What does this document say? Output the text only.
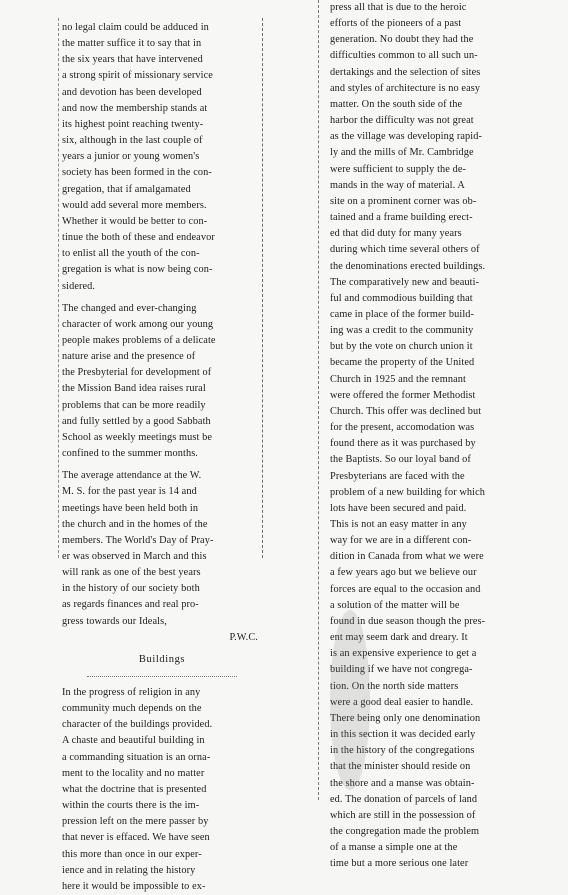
no legal claim could be adduced in
the matter suffice it to say that in
the six years that have intervened
a strong spirit of missionary service
and devotion has been developed
and now the membership stands at
its highest point reaching twenty-
six, although in the last couple of
years a junior or young women's
society has been formed in the con-
gregation, that if amalgamated
would add several more members.
Whether it would be better to con-
tinue the both of these and endeavor
to enlist all the youth of the con-
gregation is what is now being con-
sidered.

The changed and ever-changing
character of work among our young
people makes problems of a delicate
nature arise and the presence of
the Presbyterial for development of
the Mission Band idea raises rural
problems that can be more readily
and fully settled by a good Sabbath
School as weekly meetings must be
confined to the summer months.

The average attendance at the W.
M. S. for the past year is 14 and
meetings have been held both in
the church and in the homes of the
members. The World's Day of Pray-
er was observed in March and this
will rank as one of the best years
in the history of our society both
as regards finances and real pro-
gress towards our Ideals,

P.W.C.

Buildings

In the progress of religion in any
community much depends on the
character of the buildings provided.
A chaste and beautiful building in
a commanding situation is an orna-
ment to the locality and no matter
what the doctrine that is presented
within the courts there is the im-
pression left on the mere passer by
that never is effaced. We have seen
this more than once in our exper-
ience and in relating the history
here it would be impossible to ex-

press all that is due to the heroic
efforts of the pioneers of a past
generation. No doubt they had the
difficulties common to all such un-
dertakings and the selection of sites
and styles of architecture is no easy
matter. On the south side of the
harbor the difficulty was not great
as the village was developing rapid-
ly and the mills of Mr. Cambridge
were sufficient to supply the de-
mands in the way of material. A
site on a prominent corner was ob-
tained and a frame building erect-
ed that did duty for many years
during which time several others of
the denominations erected buildings.
The comparatively new and beauti-
ful and commodious building that
came in place of the former build-
ing was a credit to the community
but by the vote on church union it
became the property of the United
Church in 1925 and the remnant
were offered the former Methodist
Church. This offer was declined but
for the present, accomodation was
found there as it was purchased by
the Baptists. So our loyal band of
Presbyterians are faced with the
problem of a new building for which
lots have been secured and paid.
This is not an easy matter in any
way for we are in a different con-
dition in Canada from what we were
a few years ago but we believe our
forces are equal to the occasion and
a solution of the matter will be
found in due season though the pres-
ent may seem dark and dreary. It
is an expensive experience to get a
building if we have not congrega-
tion. On the north side matters
were a good deal easier to handle.
There being only one denomination
in this section it was decided early
in the history of the congregations
that the minister should reside on
the shore and a manse was obtain-
ed. The donation of parcels of land
which are still in the possession of
the congregation made the problem
of a manse a simple one at the
time but a more serious one later
